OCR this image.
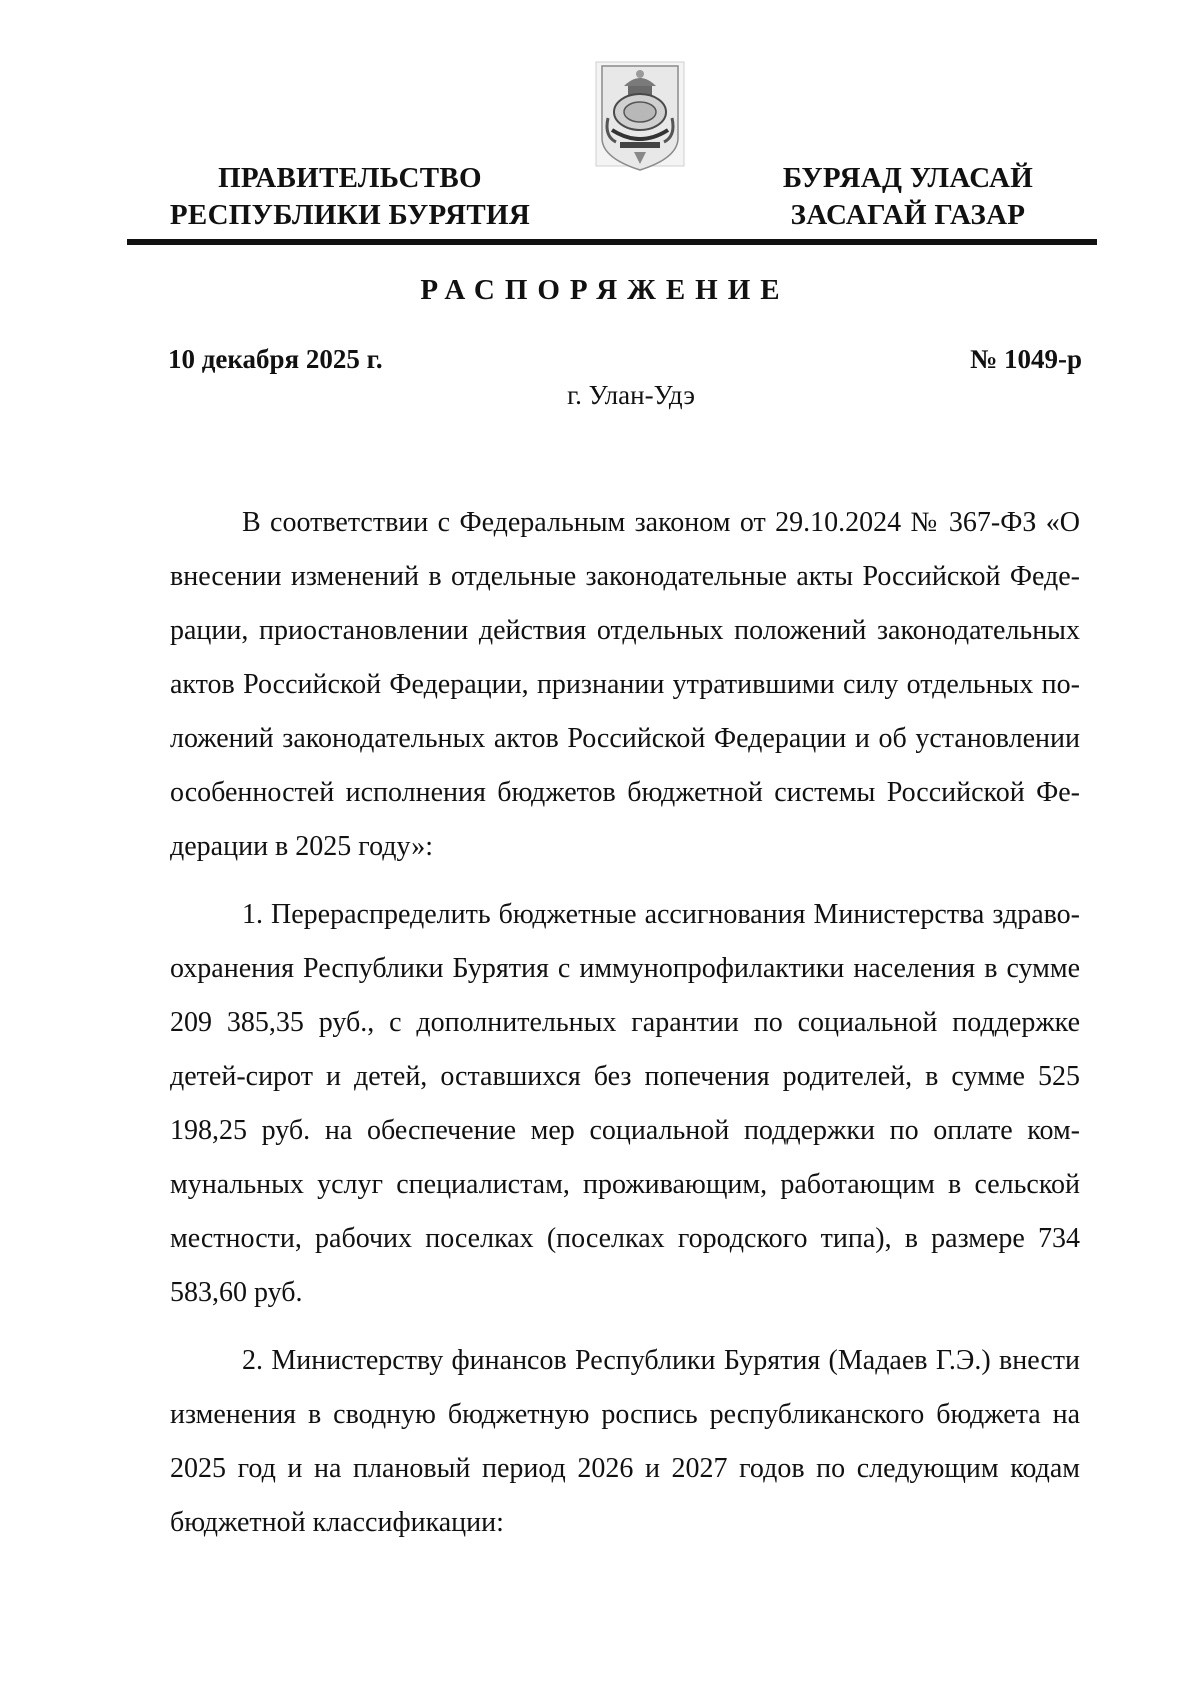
ПРАВИТЕЛЬСТВО
РЕСПУБЛИКИ БУРЯТИЯ
БУРЯАД УЛАСАЙ
ЗАСАГАЙ ГАЗАР
РАСПОРЯЖЕНИЕ
10 декабря 2025 г.	№ 1049-р
г. Улан-Удэ

В соответствии с Федеральным законом от 29.10.2024 № 367-ФЗ «О внесении изменений в отдельные законодательные акты Российской Федерации, приостановлении действия отдельных положений законодательных актов Российской Федерации, признании утратившими силу отдельных положений законодательных актов Российской Федерации и об установлении особенностей исполнения бюджетов бюджетной системы Российской Федерации в 2025 году»:

1. Перераспределить бюджетные ассигнования Министерства здравоохранения Республики Бурятия с иммунопрофилактики населения в сумме 209 385,35 руб., с дополнительных гарантии по социальной поддержке детей-сирот и детей, оставшихся без попечения родителей, в сумме 525 198,25 руб. на обеспечение мер социальной поддержки по оплате коммунальных услуг специалистам, проживающим, работающим в сельской местности, рабочих поселках (поселках городского типа), в размере 734 583,60 руб.

2. Министерству финансов Республики Бурятия (Мадаев Г.Э.) внести изменения в сводную бюджетную роспись республиканского бюджета на 2025 год и на плановый период 2026 и 2027 годов по следующим кодам бюджетной классификации:
